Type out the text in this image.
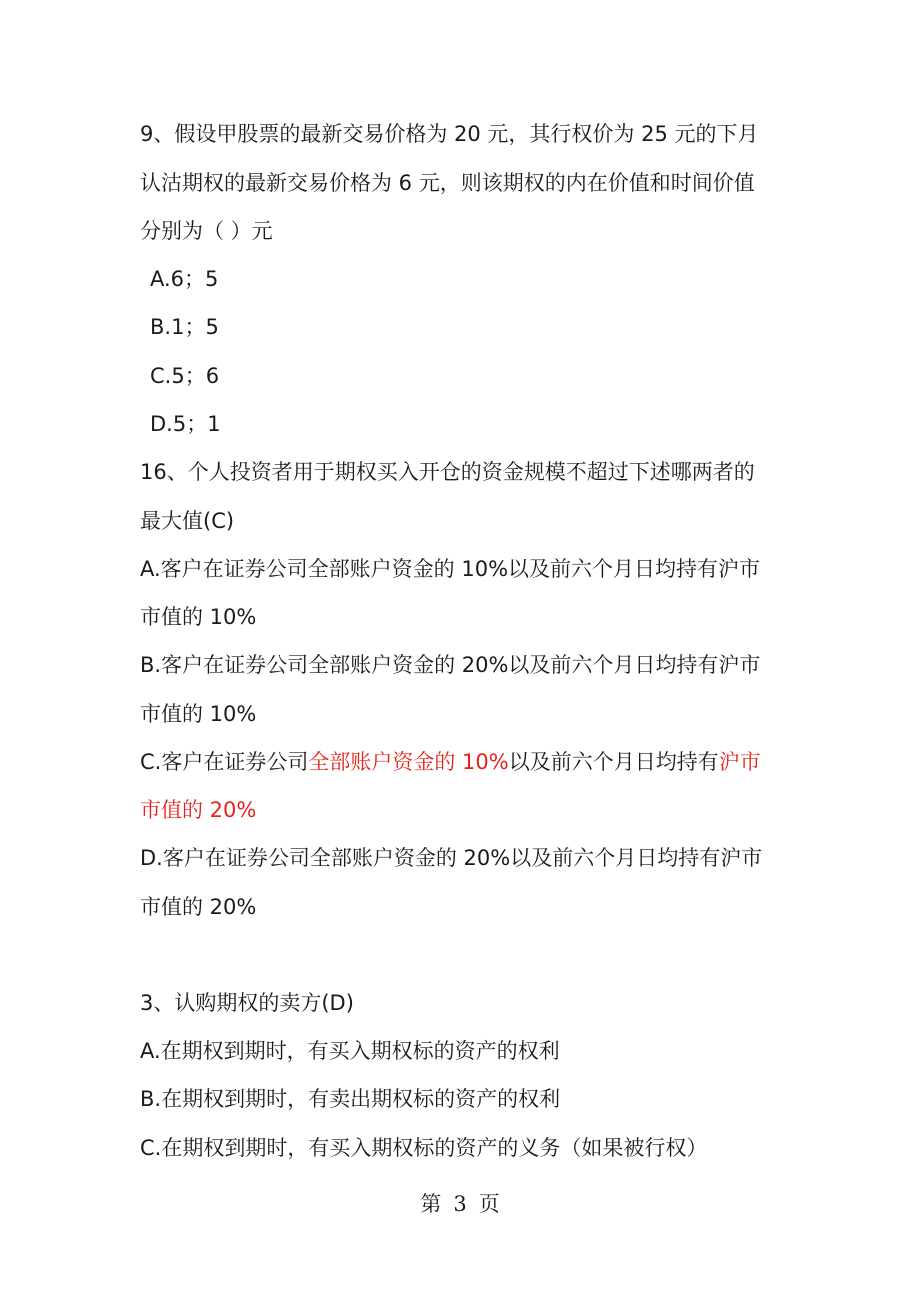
9、假设甲股票的最新交易价格为 20 元，其行权价为 25 元的下月
认沽期权的最新交易价格为 6 元，则该期权的内在价值和时间价值
分别为（ ）元
A.6；5
B.1；5
C.5；6
D.5；1
16、个人投资者用于期权买入开仓的资金规模不超过下述哪两者的
最大值(C)
A.客户在证券公司全部账户资金的 10%以及前六个月日均持有沪市
市值的 10%
B.客户在证券公司全部账户资金的 20%以及前六个月日均持有沪市
市值的 10%
C.客户在证券公司全部账户资金的 10%以及前六个月日均持有沪市
市值的 20%
D.客户在证券公司全部账户资金的 20%以及前六个月日均持有沪市
市值的 20%
3、认购期权的卖方(D)
A.在期权到期时，有买入期权标的资产的权利
B.在期权到期时，有卖出期权标的资产的权利
C.在期权到期时，有买入期权标的资产的义务（如果被行权）
第 3 页
